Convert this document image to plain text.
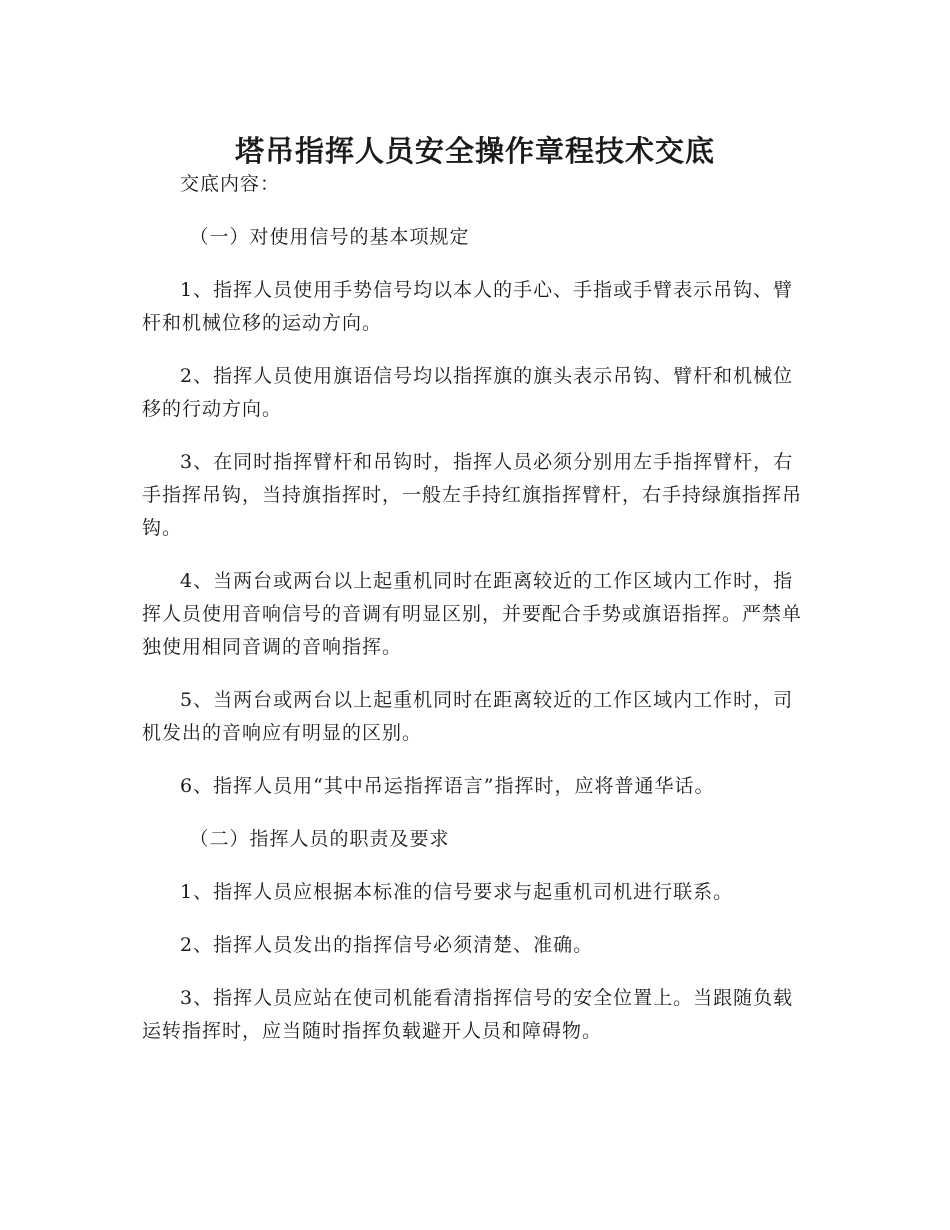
塔吊指挥人员安全操作章程技术交底

交底内容：

（一）对使用信号的基本项规定

1、指挥人员使用手势信号均以本人的手心、手指或手臂表示吊钩、臂杆和机械位移的运动方向。

2、指挥人员使用旗语信号均以指挥旗的旗头表示吊钩、臂杆和机械位移的行动方向。

3、在同时指挥臂杆和吊钩时，指挥人员必须分别用左手指挥臂杆，右手指挥吊钩，当持旗指挥时，一般左手持红旗指挥臂杆，右手持绿旗指挥吊钩。

4、当两台或两台以上起重机同时在距离较近的工作区域内工作时，指挥人员使用音响信号的音调有明显区别，并要配合手势或旗语指挥。严禁单独使用相同音调的音响指挥。

5、当两台或两台以上起重机同时在距离较近的工作区域内工作时，司机发出的音响应有明显的区别。

6、指挥人员用“其中吊运指挥语言”指挥时，应将普通华话。

（二）指挥人员的职责及要求

1、指挥人员应根据本标准的信号要求与起重机司机进行联系。

2、指挥人员发出的指挥信号必须清楚、准确。

3、指挥人员应站在使司机能看清指挥信号的安全位置上。当跟随负载运转指挥时，应当随时指挥负载避开人员和障碍物。
